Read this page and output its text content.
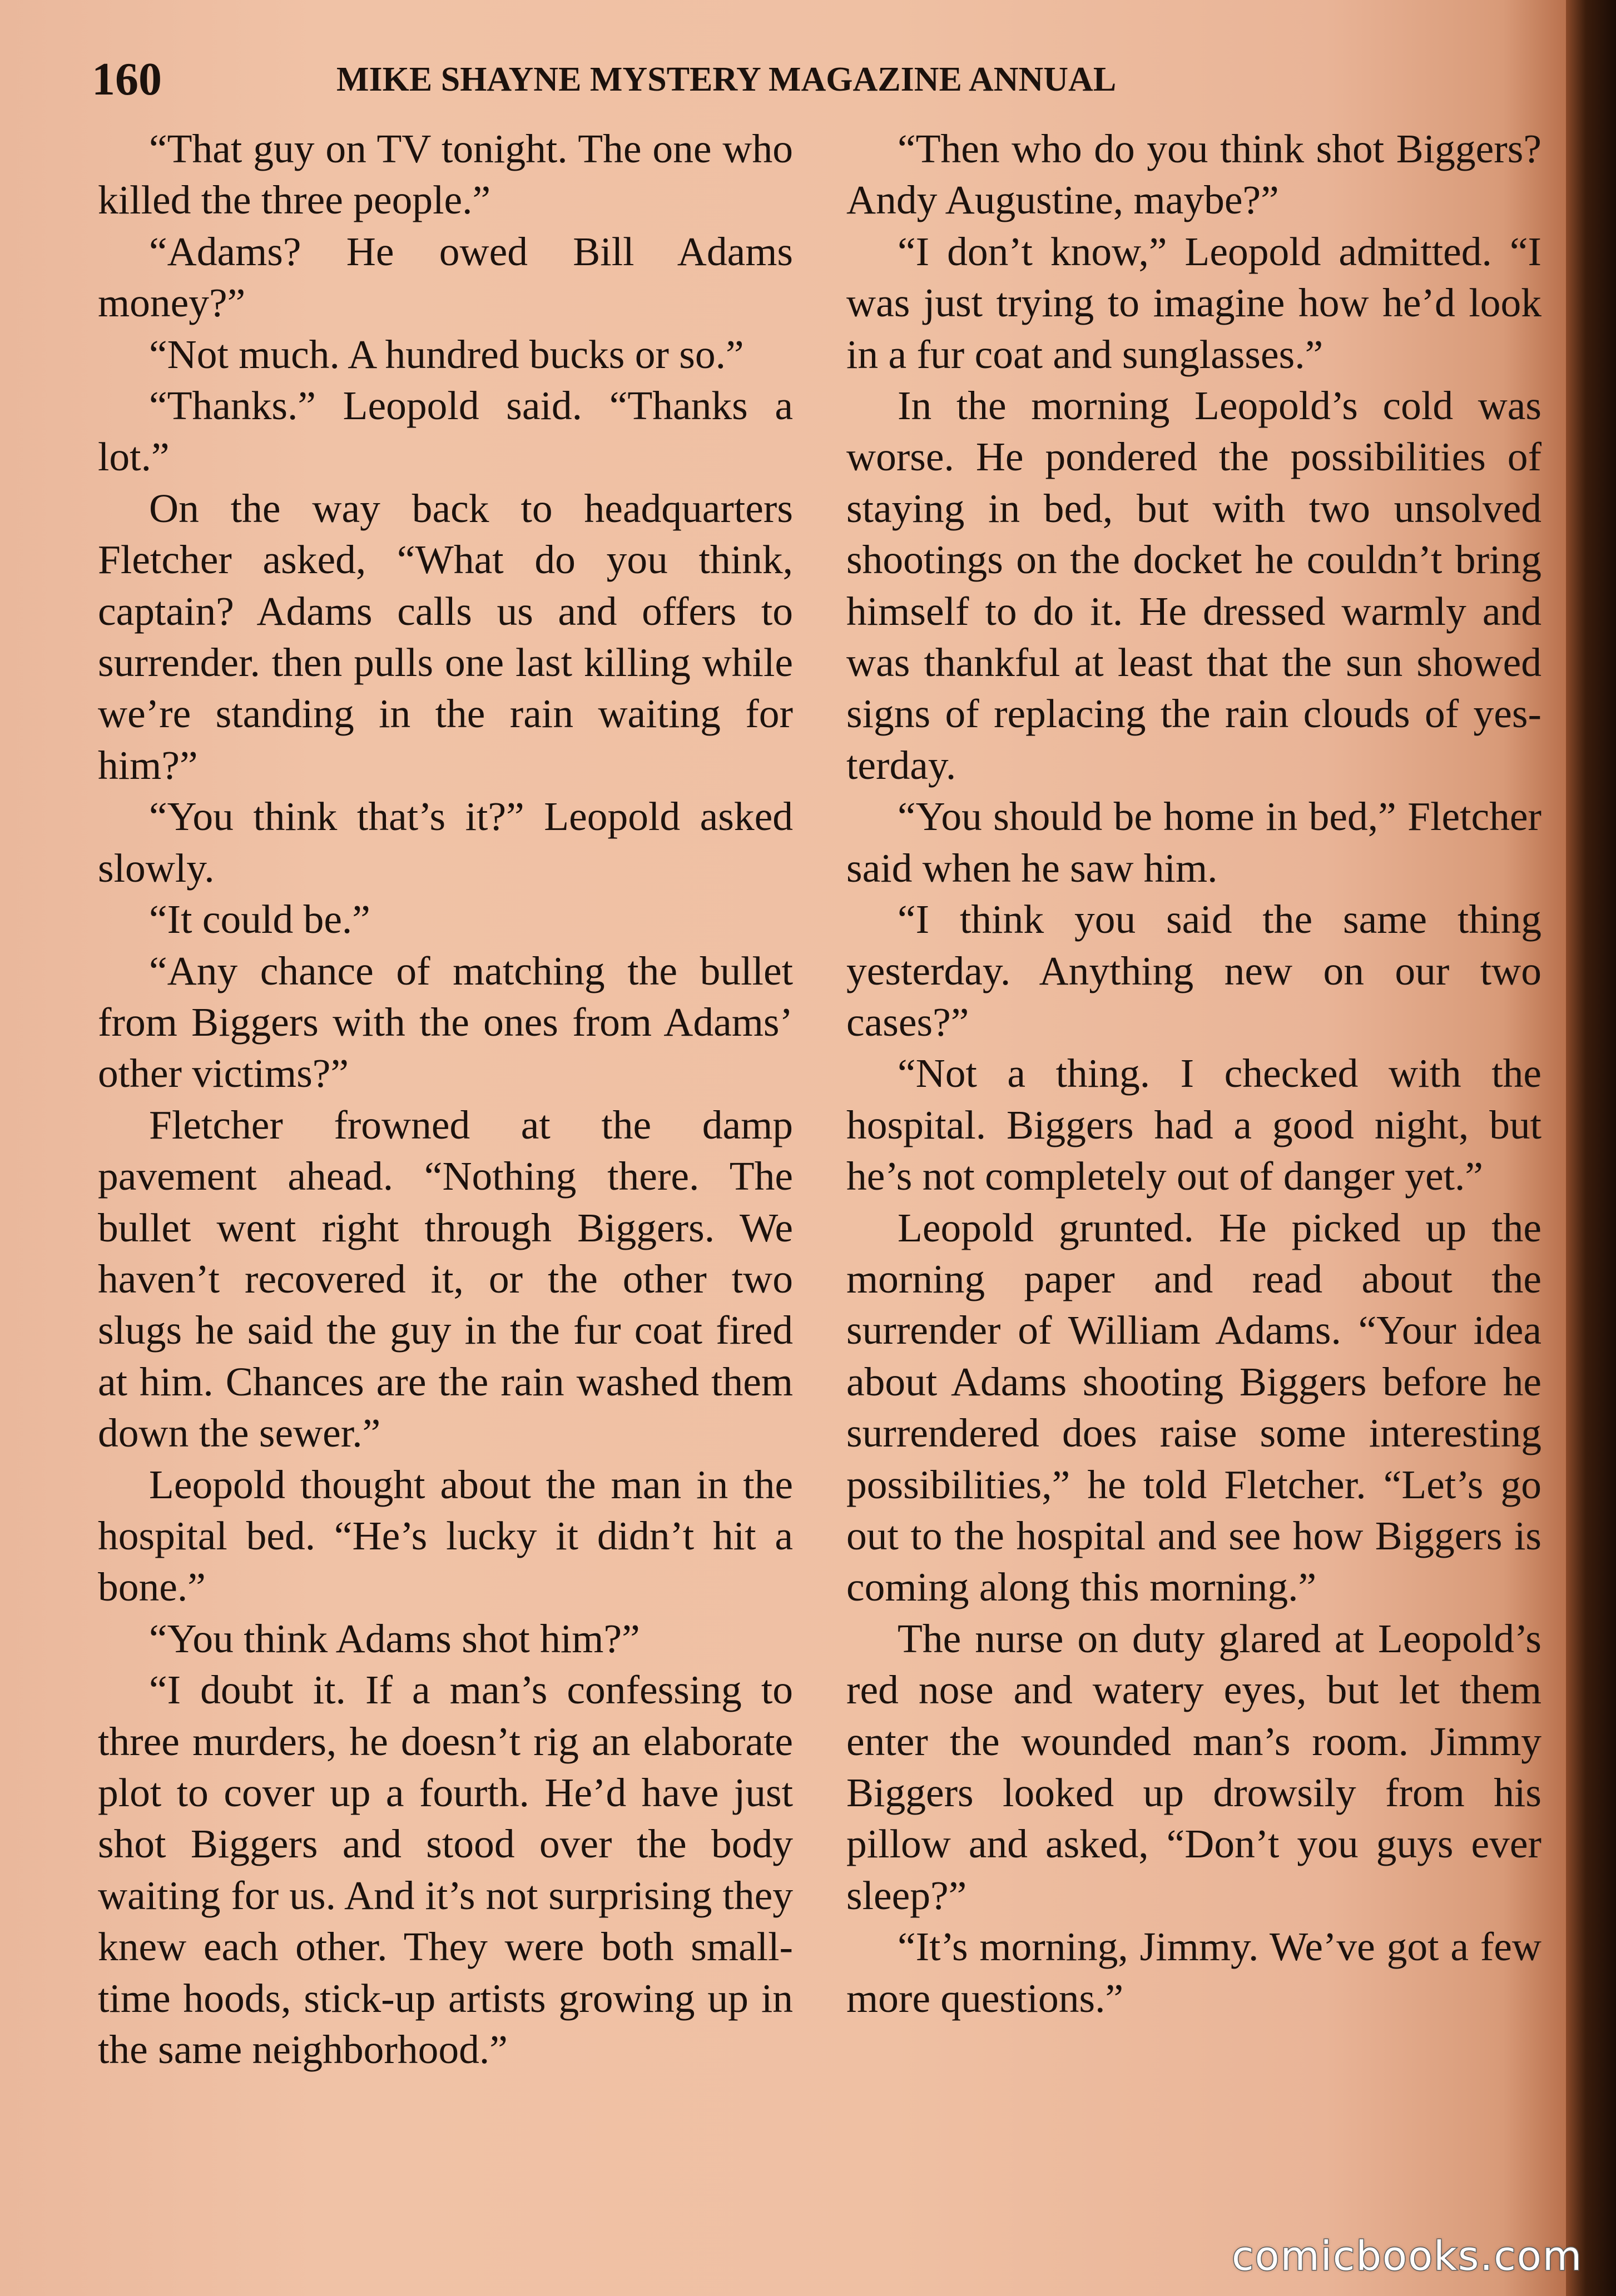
160	MIKE SHAYNE MYSTERY MAGAZINE ANNUAL

“That guy on TV tonight. The one who killed the three people.”

“Adams? He owed Bill Adams money?”

“Not much. A hundred bucks or so.”

“Thanks.” Leopold said. “Thanks a lot.”

On the way back to headquarters Fletcher asked, “What do you think, captain? Adams calls us and offers to surrender. then pulls one last killing while we’re standing in the rain waiting for him?”

“You think that’s it?” Leopold asked slowly.

“It could be.”

“Any chance of matching the bullet from Biggers with the ones from Adams’ other victims?”

Fletcher frowned at the damp pavement ahead. “Nothing there. The bullet went right through Biggers. We haven’t recovered it, or the other two slugs he said the guy in the fur coat fired at him. Chances are the rain washed them down the sewer.”

Leopold thought about the man in the hospital bed. “He’s lucky it didn’t hit a bone.”

“You think Adams shot him?”

“I doubt it. If a man’s confessing to three murders, he doesn’t rig an elaborate plot to cover up a fourth. He’d have just shot Biggers and stood over the body waiting for us. And it’s not surprising they knew each other. They were both smalltime hoods, stick-up artists growing up in the same neighborhood.”

“Then who do you think shot Biggers? Andy Augustine, maybe?”

“I don’t know,” Leopold admitted. “I was just trying to imagine how he’d look in a fur coat and sunglasses.”

In the morning Leopold’s cold was worse. He pondered the possibilities of staying in bed, but with two unsolved shootings on the docket he couldn’t bring himself to do it. He dressed warmly and was thankful at least that the sun showed signs of replacing the rain clouds of yesterday.

“You should be home in bed,” Fletcher said when he saw him.

“I think you said the same thing yesterday. Anything new on our two cases?”

“Not a thing. I checked with the hospital. Biggers had a good night, but he’s not completely out of danger yet.”

Leopold grunted. He picked up the morning paper and read about the surrender of William Adams. “Your idea about Adams shooting Biggers before he surrendered does raise some interesting possibilities,” he told Fletcher. “Let’s go out to the hospital and see how Biggers is coming along this morning.”

The nurse on duty glared at Leopold’s red nose and watery eyes, but let them enter the wounded man’s room. Jimmy Biggers looked up drowsily from his pillow and asked, “Don’t you guys ever sleep?”

“It’s morning, Jimmy. We’ve got a few more questions.”

comicbooks.com
